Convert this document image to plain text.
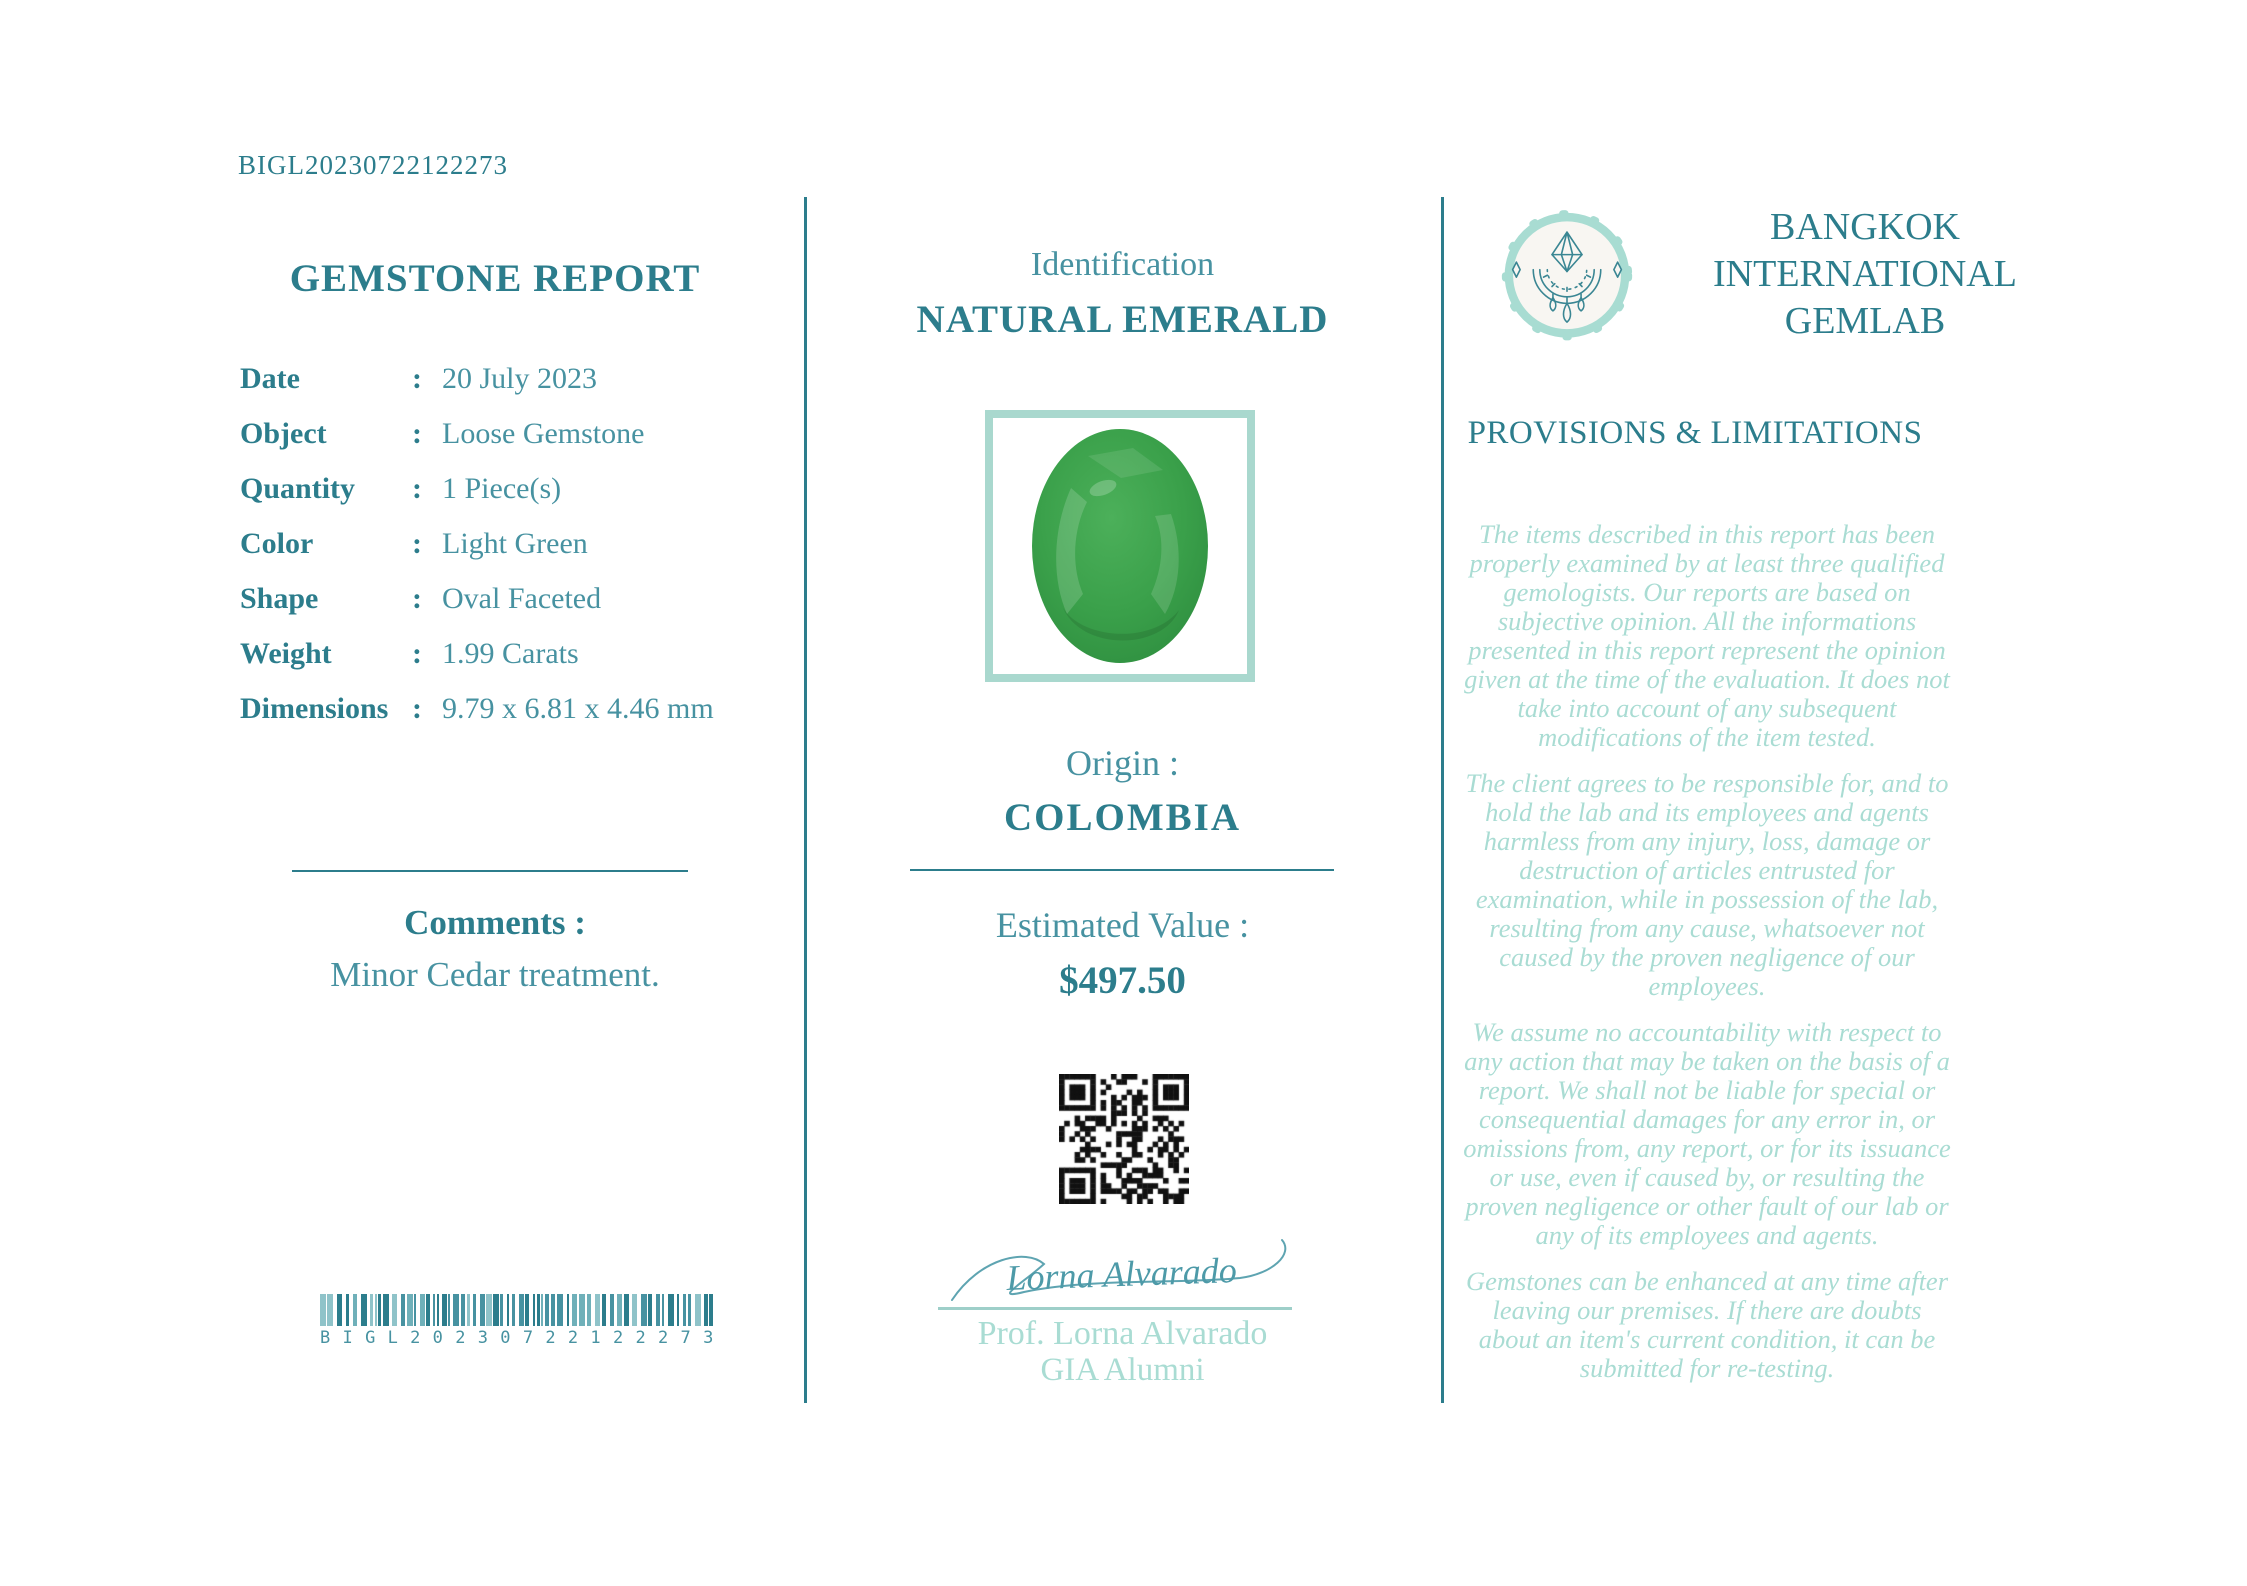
BIGL20230722122273
GEMSTONE REPORT
Date	: 20 July 2023
Object	: Loose Gemstone
Quantity	: 1 Piece(s)
Color	: Light Green
Shape	: Oval Faceted
Weight	: 1.99 Carats
Dimensions : 9.79 x 6.81 x 4.46 mm
Comments :
Minor Cedar treatment.
BIGL20230722122273
Identification
NATURAL EMERALD
Origin :
COLOMBIA
Estimated Value :
$497.50
Lorna Alvarado
Prof. Lorna Alvarado
GIA Alumni
BANGKOK INTERNATIONAL GEMLAB
PROVISIONS & LIMITATIONS

The items described in this report has been properly examined by at least three qualified gemologists. Our reports are based on subjective opinion. All the informations presented in this report represent the opinion given at the time of the evaluation. It does not take into account of any subsequent modifications of the item tested.

The client agrees to be responsible for, and to hold the lab and its employees and agents harmless from any injury, loss, damage or destruction of articles entrusted for examination, while in possession of the lab, resulting from any cause, whatsoever not caused by the proven negligence of our employees.

We assume no accountability with respect to any action that may be taken on the basis of a report. We shall not be liable for special or consequential damages for any error in, or omissions from, any report, or for its issuance or use, even if caused by, or resulting the proven negligence or other fault of our lab or any of its employees and agents.

Gemstones can be enhanced at any time after leaving our premises. If there are doubts about an item's current condition, it can be submitted for re-testing.
